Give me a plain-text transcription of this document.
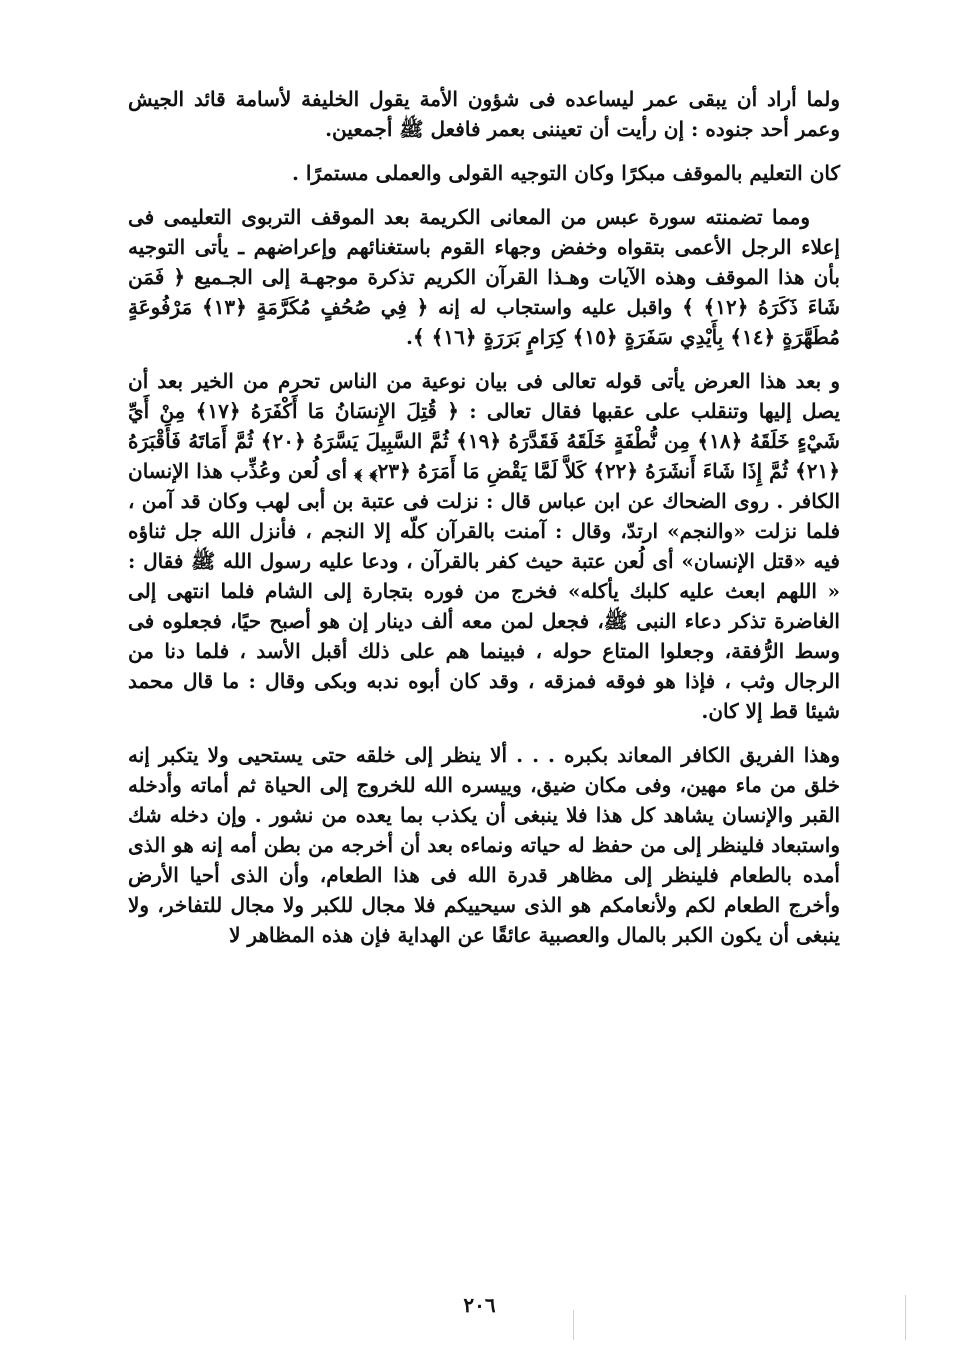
ولما أراد أن يبقى عمر ليساعده فى شؤون الأمة يقول الخليفة لأسامة قائد الجيش وعمر أحد جنوده : إن رأيت أن تعيننى بعمر فافعل ﷺ أجمعين.

كان التعليم بالموقف مبكرًا وكان التوجيه القولى والعملى مستمرًا .

ومما تضمنته سورة عبس من المعانى الكريمة بعد الموقف التربوى التعليمى فى إعلاء الرجل الأعمى بتقواه وخفض وجهاء القوم باستغنائهم وإعراضهم ـ يأتى التوجيه بأن هذا الموقف وهذه الآيات وهـذا القرآن الكريم تذكرة موجهـة إلى الجـميع ﴿ فَمَن شَاءَ ذَكَرَهُ ﴿١٢﴾ ﴾ واقبل عليه واستجاب له إنه ﴿ فِي صُحُفٍ مُكَرَّمَةٍ ﴿١٣﴾ مَرْفُوعَةٍ مُطَهَّرَةٍ ﴿١٤﴾ بِأَيْدِي سَفَرَةٍ ﴿١٥﴾ كِرَامٍ بَرَرَةٍ ﴿١٦﴾ ﴾.

و بعد هذا العرض يأتى قوله تعالى فى بيان نوعية من الناس تحرم من الخير بعد أن يصل إليها وتنقلب على عقبها فقال تعالى : ﴿ قُتِلَ الإِنسَانُ مَا أَكْفَرَهُ ﴿١٧﴾ مِنْ أَيِّ شَيْءٍ خَلَقَهُ ﴿١٨﴾ مِن نُّطْفَةٍ خَلَقَهُ فَقَدَّرَهُ ﴿١٩﴾ ثُمَّ السَّبِيلَ يَسَّرَهُ ﴿٢٠﴾ ثُمَّ أَمَاتَهُ فَأَقْبَرَهُ ﴿٢١﴾ ثُمَّ إِذَا شَاءَ أَنشَرَهُ ﴿٢٢﴾ كَلاَّ لَمَّا يَقْضِ مَا أَمَرَهُ ﴿٢٣﴾ ﴾ أى لُعن وعُذِّب هذا الإنسان الكافر . روى الضحاك عن ابن عباس قال : نزلت فى عتبة بن أبى لهب وكان قد آمن ، فلما نزلت «والنجم» ارتدّ، وقال : آمنت بالقرآن كلّه إلا النجم ، فأنزل الله جل ثناؤه فيه «قتل الإنسان» أى لُعن عتبة حيث كفر بالقرآن ، ودعا عليه رسول الله ﷺ فقال : « اللهم ابعث عليه كلبك يأكله» فخرج من فوره بتجارة إلى الشام فلما انتهى إلى الغاضرة تذكر دعاء النبى ﷺ، فجعل لمن معه ألف دينار إن هو أصبح حيًا، فجعلوه فى وسط الرُّفقة، وجعلوا المتاع حوله ، فبينما هم على ذلك أقبل الأسد ، فلما دنا من الرجال وثب ، فإذا هو فوقه فمزقه ، وقد كان أبوه ندبه وبكى وقال : ما قال محمد شيئا قط إلا كان.

وهذا الفريق الكافر المعاند بكبره . . . ألا ينظر إلى خلقه حتى يستحيى ولا يتكبر إنه خلق من ماء مهين، وفى مكان ضيق، وييسره الله للخروج إلى الحياة ثم أماته وأدخله القبر والإنسان يشاهد كل هذا فلا ينبغى أن يكذب بما يعده من نشور . وإن دخله شك واستبعاد فلينظر إلى من حفظ له حياته ونماءه بعد أن أخرجه من بطن أمه إنه هو الذى أمده بالطعام فلينظر إلى مظاهر قدرة الله فى هذا الطعام، وأن الذى أحيا الأرض وأخرج الطعام لكم ولأنعامكم هو الذى سيحييكم فلا مجال للكبر ولا مجال للتفاخر، ولا ينبغى أن يكون الكبر بالمال والعصبية عائقًا عن الهداية فإن هذه المظاهر لا

٢٠٦
